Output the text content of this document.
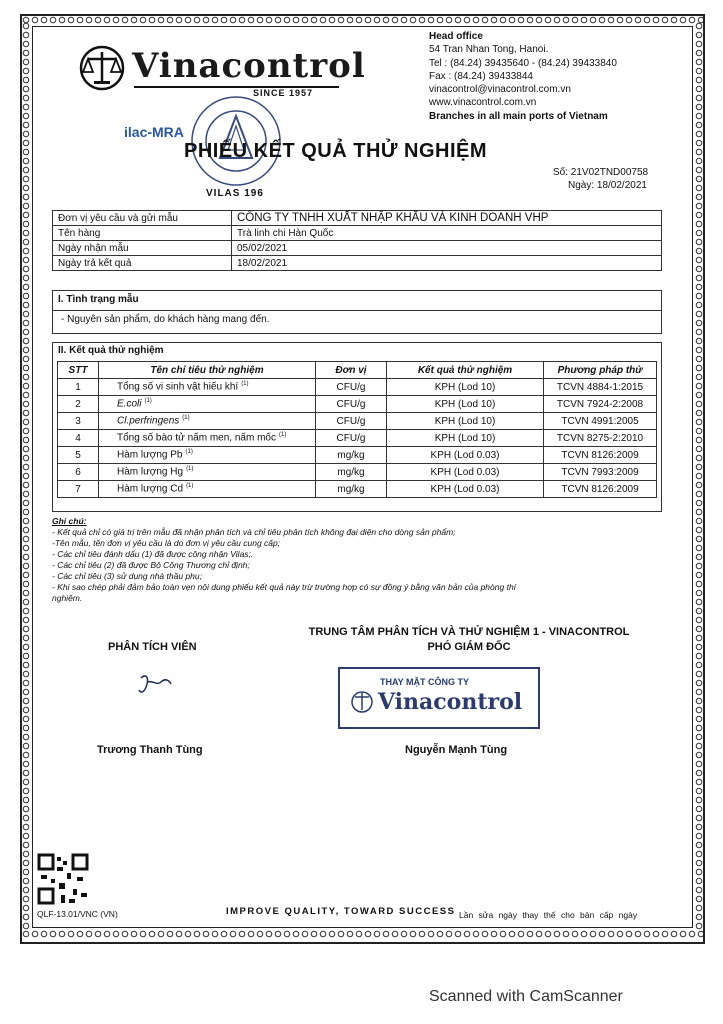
Vinacontrol
SINCE 1957
Head office
54 Tran Nhan Tong, Hanoi.
Tel : (84.24) 39435640 - (84.24) 39433840
Fax : (84.24) 39433844
vinacontrol@vinacontrol.com.vn
www.vinacontrol.com.vn
Branches in all main ports of Vietnam
ilac-MRA
VILAS 196
PHIẾU KẾT QUẢ THỬ NGHIỆM
Số: 21V02TND00758
Ngày: 18/02/2021
Đơn vị yêu cầu và gửi mẫu	CÔNG TY TNHH XUẤT NHẬP KHẨU VÀ KINH DOANH VHP
Tên hàng	Trà linh chi Hàn Quốc
Ngày nhận mẫu	05/02/2021
Ngày trả kết quả	18/02/2021
I. Tình trạng mẫu
- Nguyên sản phẩm, do khách hàng mang đến.
II. Kết quả thử nghiệm
STT	Tên chỉ tiêu thử nghiệm	Đơn vị	Kết quả thử nghiệm	Phương pháp thử
1	Tổng số vi sinh vật hiếu khí $^{(1)}$	CFU/g	KPH (Lod 10)	TCVN 4884-1:2015
2	E.coli $^{(1)}$	CFU/g	KPH (Lod 10)	TCVN 7924-2:2008
3	Cl.perfringens $^{(1)}$	CFU/g	KPH (Lod 10)	TCVN 4991:2005
4	Tổng số bào tử nấm men, nấm mốc $^{(1)}$	CFU/g	KPH (Lod 10)	TCVN 8275-2:2010
5	Hàm lượng Pb $^{(1)}$	mg/kg	KPH (Lod 0.03)	TCVN 8126:2009
6	Hàm lượng Hg $^{(1)}$	mg/kg	KPH (Lod 0.03)	TCVN 7993:2009
7	Hàm lượng Cd $^{(1)}$	mg/kg	KPH (Lod 0.03)	TCVN 8126:2009
Ghi chú:
- Kết quả chỉ có giá trị trên mẫu đã nhận phân tích và chỉ tiêu phân tích không đại diện cho dòng sản phẩm;
-Tên mẫu, tên đơn vị yêu cầu là do đơn vị yêu cầu cung cấp;
- Các chỉ tiêu đánh dấu (1) đã được công nhận Vilas;.
- Các chỉ tiêu (2) đã được Bộ Công Thương chỉ định;
- Các chỉ tiêu (3) sử dụng nhà thầu phụ;
- Khi sao chép phải đảm bảo toàn vẹn nội dung phiếu kết quả này trừ trường hợp có sự đồng ý bằng văn bản của phòng thí
nghiệm.
PHÂN TÍCH VIÊN
TRUNG TÂM PHÂN TÍCH VÀ THỬ NGHIỆM 1 - VINACONTROL
PHÓ GIÁM ĐỐC
THAY MẶT CÔNG TY
Vinacontrol
Trương Thanh Tùng	Nguyễn Mạnh Tùng
QLF-13.01/VNC (VN)	IMPROVE QUALITY, TOWARD SUCCESS Lần sửa ngày thay thế cho bản cấp ngày
Scanned with CamScanner
